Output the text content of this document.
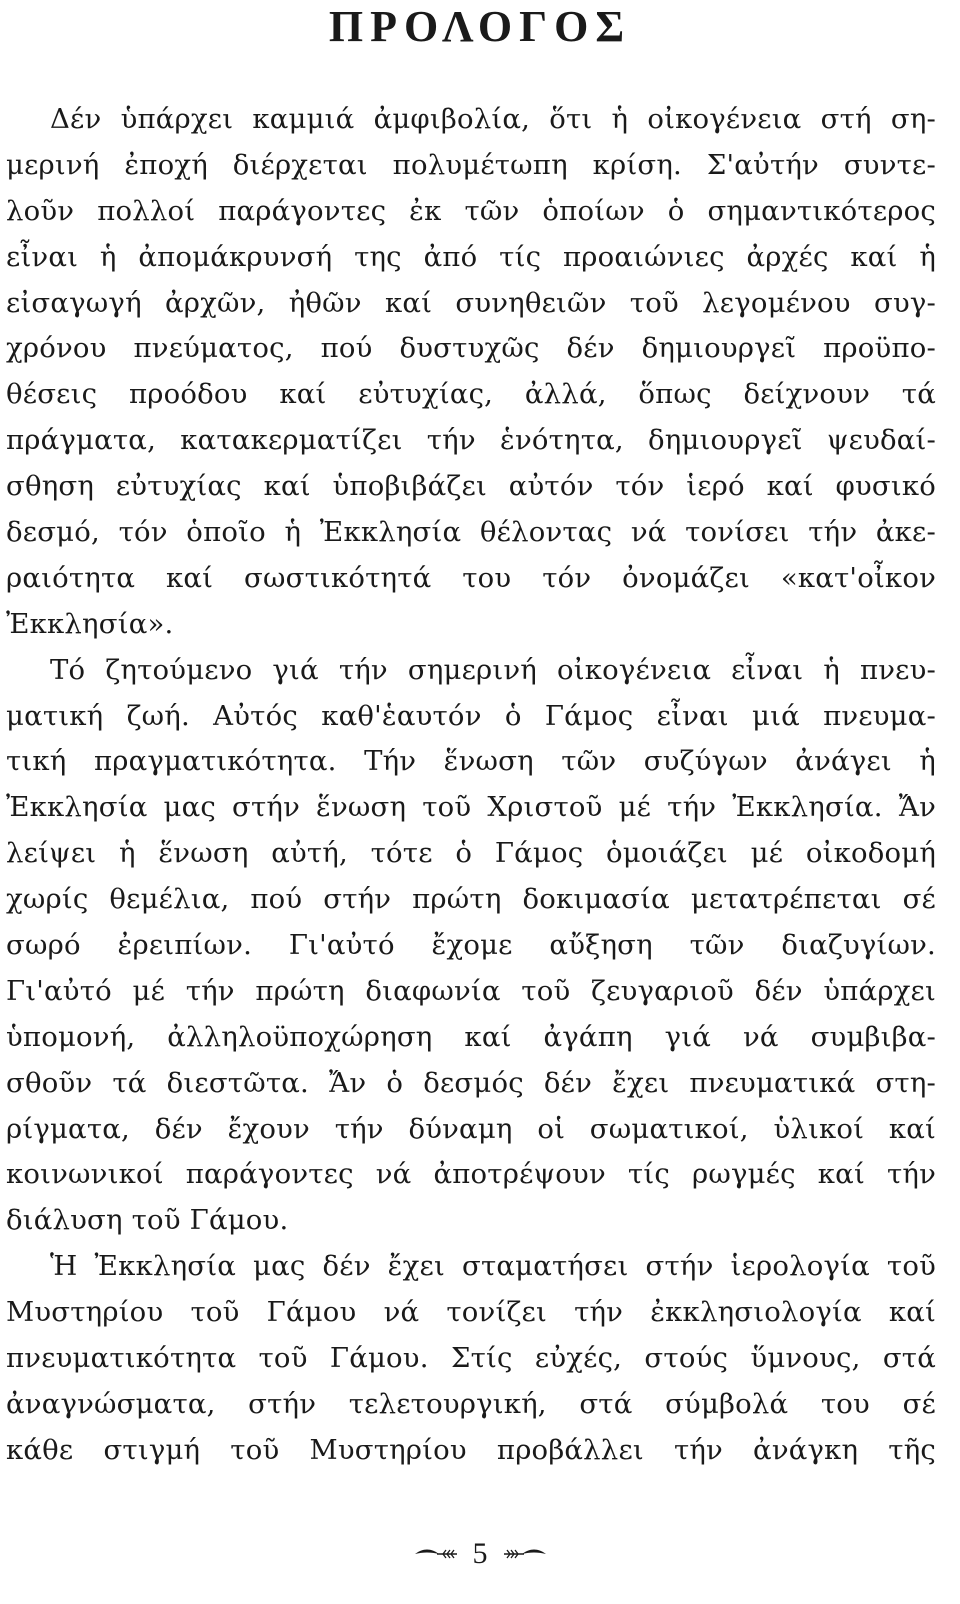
ΠΡΟΛΟΓΟΣ
Δέν ὑπάρχει καμμιά ἀμφιβολία, ὅτι ἡ οἰκογένεια στή ση-
μερινή ἐποχή διέρχεται πολυμέτωπη κρίση. Σ'αὐτήν συντε-
λοῦν πολλοί παράγοντες ἐκ τῶν ὁποίων ὁ σημαντικότερος
εἶναι ἡ ἀπομάκρυνσή της ἀπό τίς προαιώνιες ἀρχές καί ἡ
εἰσαγωγή ἀρχῶν, ἠθῶν καί συνηθειῶν τοῦ λεγομένου συγ-
χρόνου πνεύματος, πού δυστυχῶς δέν δημιουργεῖ προϋπο-
θέσεις προόδου καί εὐτυχίας, ἀλλά, ὅπως δείχνουν τά
πράγματα, κατακερματίζει τήν ἑνότητα, δημιουργεῖ ψευδαί-
σθηση εὐτυχίας καί ὑποβιβάζει αὐτόν τόν ἱερό καί φυσικό
δεσμό, τόν ὁποῖο ἡ Ἐκκλησία θέλοντας νά τονίσει τήν ἀκε-
ραιότητα καί σωστικότητά του τόν ὀνομάζει «κατ'οἶκον
Ἐκκλησία».
Τό ζητούμενο γιά τήν σημερινή οἰκογένεια εἶναι ἡ πνευ-
ματική ζωή. Αὐτός καθ'ἑαυτόν ὁ Γάμος εἶναι μιά πνευμα-
τική πραγματικότητα. Τήν ἕνωση τῶν συζύγων ἀνάγει ἡ
Ἐκκλησία μας στήν ἕνωση τοῦ Χριστοῦ μέ τήν Ἐκκλησία. Ἄν
λείψει ἡ ἕνωση αὐτή, τότε ὁ Γάμος ὁμοιάζει μέ οἰκοδομή
χωρίς θεμέλια, πού στήν πρώτη δοκιμασία μετατρέπεται σέ
σωρό ἐρειπίων. Γι'αὐτό ἔχομε αὔξηση τῶν διαζυγίων.
Γι'αὐτό μέ τήν πρώτη διαφωνία τοῦ ζευγαριοῦ δέν ὑπάρχει
ὑπομονή, ἀλληλοϋποχώρηση καί ἀγάπη γιά νά συμβιβα-
σθοῦν τά διεστῶτα. Ἄν ὁ δεσμός δέν ἔχει πνευματικά στη-
ρίγματα, δέν ἔχουν τήν δύναμη οἱ σωματικοί, ὑλικοί καί
κοινωνικοί παράγοντες νά ἀποτρέψουν τίς ρωγμές καί τήν
διάλυση τοῦ Γάμου.
Ἡ Ἐκκλησία μας δέν ἔχει σταματήσει στήν ἱερολογία τοῦ
Μυστηρίου τοῦ Γάμου νά τονίζει τήν ἐκκλησιολογία καί
πνευματικότητα τοῦ Γάμου. Στίς εὐχές, στούς ὕμνους, στά
ἀναγνώσματα, στήν τελετουργική, στά σύμβολά του σέ
κάθε στιγμή τοῦ Μυστηρίου προβάλλει τήν ἀνάγκη τῆς
5
